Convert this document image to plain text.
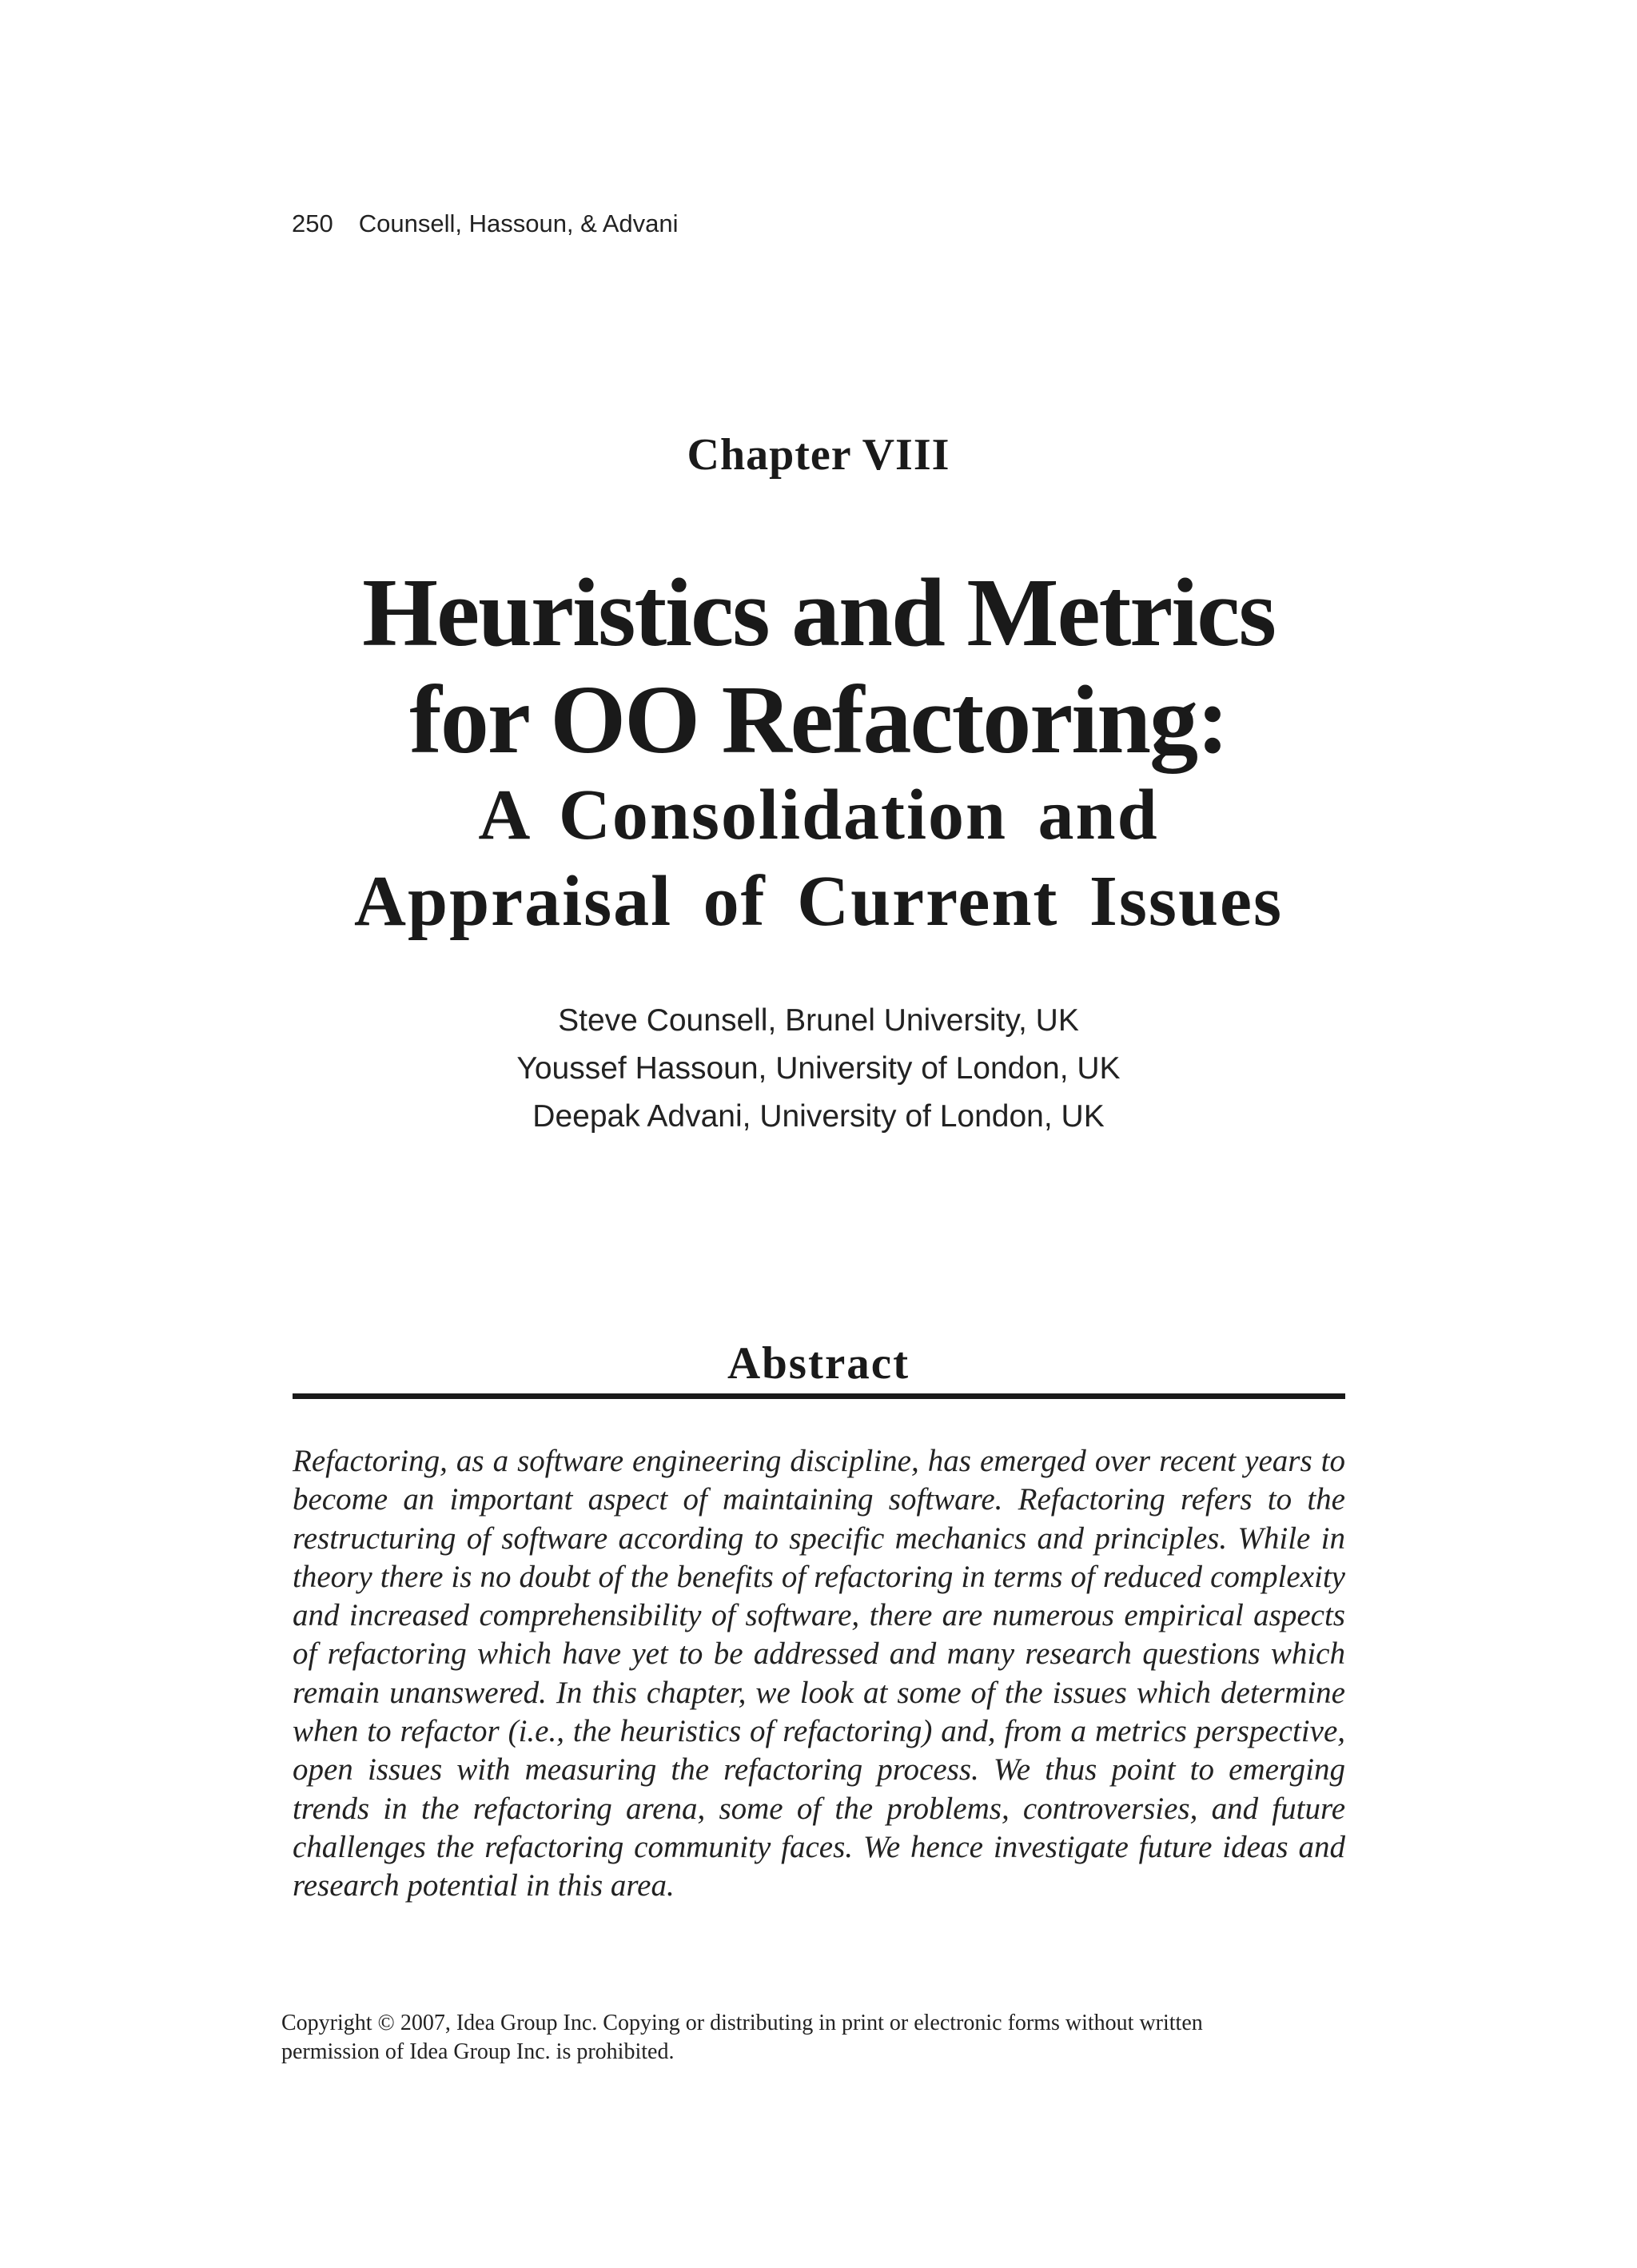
250 Counsell, Hassoun, & Advani
Chapter VIII
Heuristics and Metrics
for OO Refactoring:
A Consolidation and
Appraisal of Current Issues
Steve Counsell, Brunel University, UK
Youssef Hassoun, University of London, UK
Deepak Advani, University of London, UK
Abstract
Refactoring, as a software engineering discipline, has emerged over recent years to become an important aspect of maintaining software. Refactoring refers to the restructuring of software according to specific mechanics and principles. While in theory there is no doubt of the benefits of refactoring in terms of reduced complexity and increased comprehensibility of software, there are numerous empirical aspects of refactoring which have yet to be addressed and many research questions which remain unanswered. In this chapter, we look at some of the issues which determine when to refactor (i.e., the heuristics of refactoring) and, from a metrics perspective, open issues with measuring the refactoring process. We thus point to emerging trends in the refactoring arena, some of the problems, controversies, and future challenges the refactoring community faces. We hence investigate future ideas and research potential in this area.
Copyright © 2007, Idea Group Inc. Copying or distributing in print or electronic forms without written
permission of Idea Group Inc. is prohibited.
